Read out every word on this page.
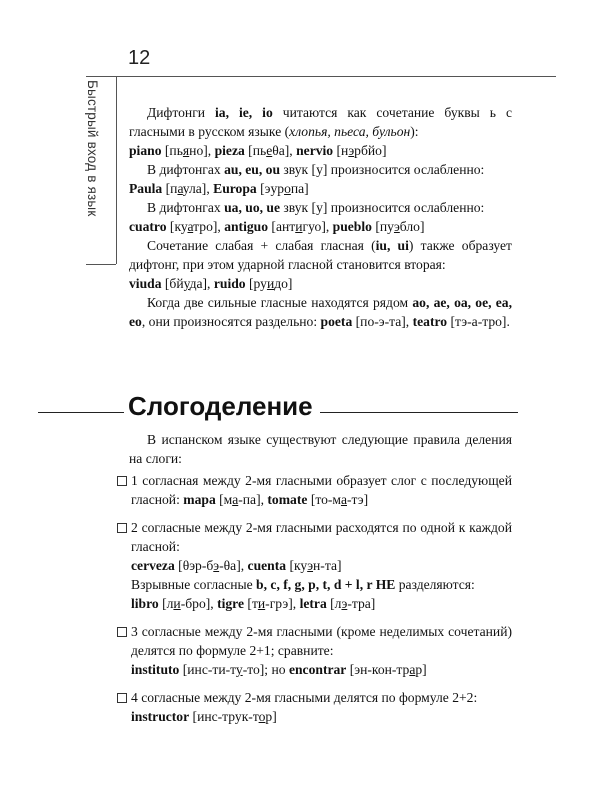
12
Быстрый вход в язык	Дифтонги ia, ie, io читаются как сочетание буквы ь с гласными в русском языке (хлопья, пьеса, бульон):

piano [пьяно], pieza [пьеθа], nervio [нэрбйо]

В дифтонгах au, eu, ou звук [у] произносится ослабленно:

Paula [паула], Europa [эуропа]

В дифтонгах ua, uo, ue звук [у] произносится ослабленно:

cuatro [куатро], antiguo [антигуо], pueblo [пуэбло]

Сочетание слабая + слабая гласная (iu, ui) также образует дифтонг, при этом ударной гласной становится вторая:

viuda [бйуда], ruido [руидо]

Когда две сильные гласные находятся рядом ao, ae, oa, oe, ea, eo, они произносятся раздельно: poeta [по-э-та], teatro [тэ-а-тро].

Слогоделение

В испанском языке существуют следующие правила деления на слоги:

1 согласная между 2-мя гласными образует слог с последующей гласной: mapa [ма-па], tomate [то-ма-тэ]

2 согласные между 2-мя гласными расходятся по одной к каждой гласной:

cerveza [θэр-бэ-θа], cuenta [куэн-та]

Взрывные согласные b, c, f, g, p, t, d + l, r НЕ разделяются:

libro [ли-бро], tigre [ти-грэ], letra [лэ-тра]

3 согласные между 2-мя гласными (кроме неделимых сочетаний) делятся по формуле 2+1; сравните:

instituto [инс-ти-ту-то]; но encontrar [эн-кон-трар]

4 согласные между 2-мя гласными делятся по формуле 2+2:

instructor [инс-трук-тор]
